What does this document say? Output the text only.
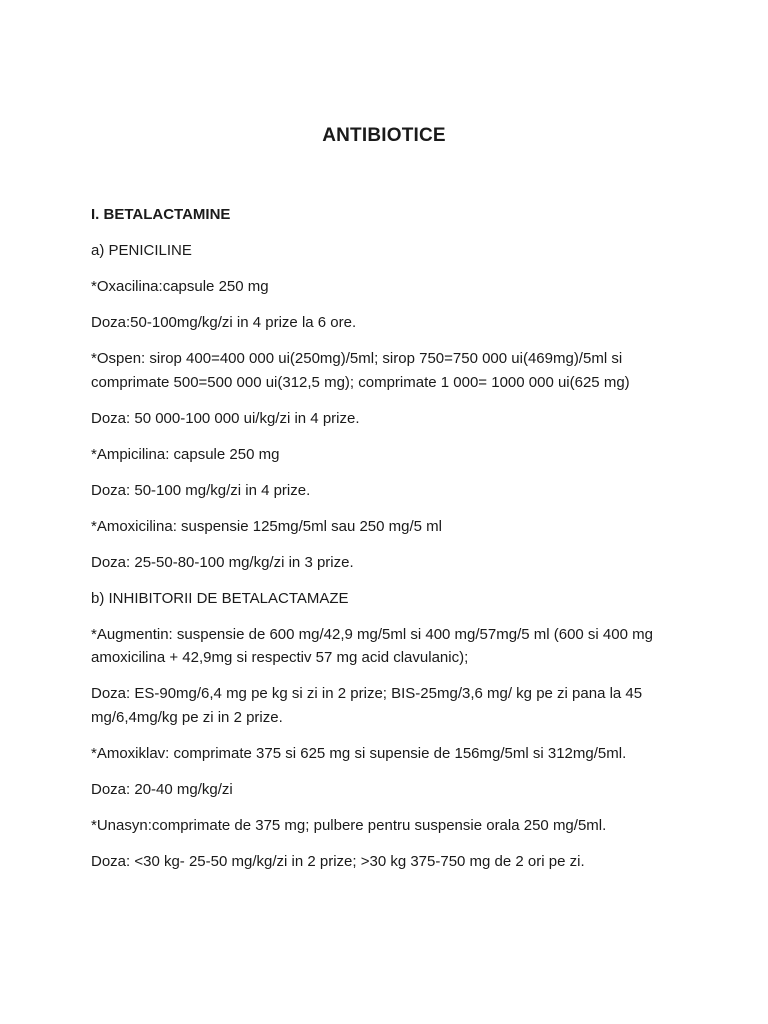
ANTIBIOTICE

I. BETALACTAMINE

a) PENICILINE

*Oxacilina:capsule 250 mg

Doza:50-100mg/kg/zi in 4 prize la 6 ore.

*Ospen: sirop 400=400 000 ui(250mg)/5ml; sirop 750=750 000 ui(469mg)/5ml si comprimate 500=500 000 ui(312,5 mg); comprimate 1 000= 1000 000 ui(625 mg)

Doza: 50 000-100 000 ui/kg/zi in 4 prize.

*Ampicilina: capsule 250 mg

Doza: 50-100 mg/kg/zi in 4 prize.

*Amoxicilina: suspensie 125mg/5ml sau 250 mg/5 ml

Doza: 25-50-80-100 mg/kg/zi in 3 prize.

b) INHIBITORII DE BETALACTAMAZE

*Augmentin: suspensie de 600 mg/42,9 mg/5ml si 400 mg/57mg/5 ml (600 si 400 mg amoxicilina + 42,9mg si respectiv 57 mg acid clavulanic);

Doza: ES-90mg/6,4 mg pe kg si zi in 2 prize; BIS-25mg/3,6 mg/ kg pe zi pana la 45 mg/6,4mg/kg pe zi in 2 prize.

*Amoxiklav: comprimate 375 si 625 mg si supensie de 156mg/5ml si 312mg/5ml.

Doza: 20-40 mg/kg/zi

*Unasyn:comprimate de 375 mg; pulbere pentru suspensie orala 250 mg/5ml.

Doza: <30 kg- 25-50 mg/kg/zi in 2 prize; >30 kg 375-750 mg de 2 ori pe zi.
